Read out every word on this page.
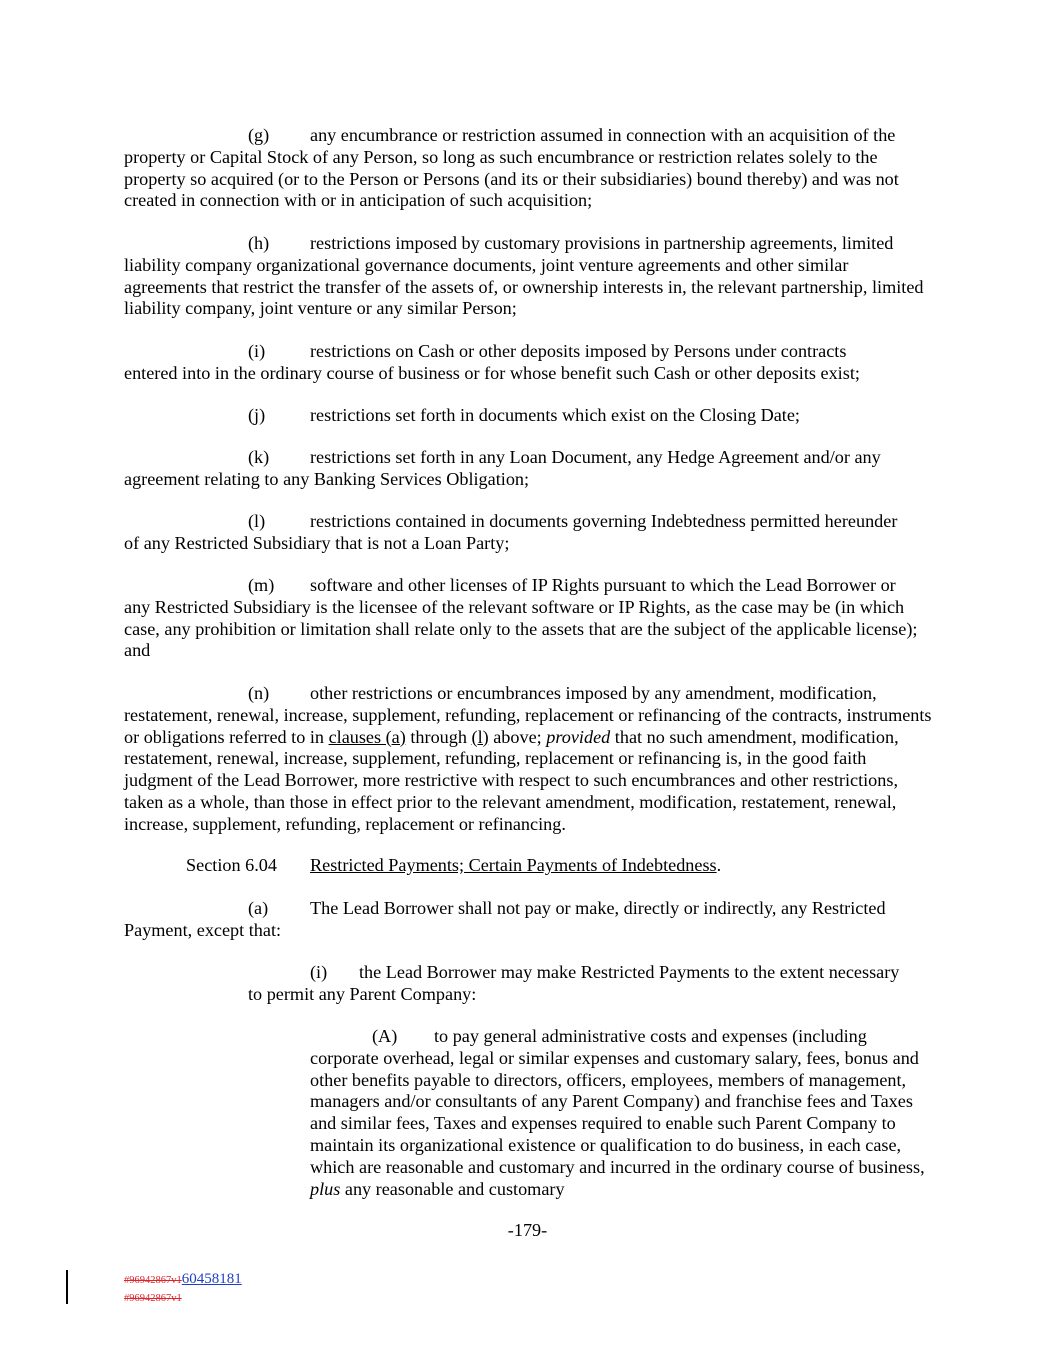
(g) any encumbrance or restriction assumed in connection with an acquisition of the
property or Capital Stock of any Person, so long as such encumbrance or restriction relates solely to the property so acquired (or to the Person or Persons (and its or their subsidiaries) bound thereby) and was not created in connection with or in anticipation of such acquisition;

(h) restrictions imposed by customary provisions in partnership agreements, limited
liability company organizational governance documents, joint venture agreements and other similar agreements that restrict the transfer of the assets of, or ownership interests in, the relevant partnership, limited liability company, joint venture or any similar Person;

(i) restrictions on Cash or other deposits imposed by Persons under contracts
entered into in the ordinary course of business or for whose benefit such Cash or other deposits exist;

(j) restrictions set forth in documents which exist on the Closing Date;

(k) restrictions set forth in any Loan Document, any Hedge Agreement and/or any
agreement relating to any Banking Services Obligation;

(l) restrictions contained in documents governing Indebtedness permitted hereunder
of any Restricted Subsidiary that is not a Loan Party;

(m) software and other licenses of IP Rights pursuant to which the Lead Borrower or
any Restricted Subsidiary is the licensee of the relevant software or IP Rights, as the case may be (in which case, any prohibition or limitation shall relate only to the assets that are the subject of the applicable license); and

(n) other restrictions or encumbrances imposed by any amendment, modification,
restatement, renewal, increase, supplement, refunding, replacement or refinancing of the contracts, instruments or obligations referred to in clauses (a) through (l) above; provided that no such amendment, modification, restatement, renewal, increase, supplement, refunding, replacement or refinancing is, in the good faith judgment of the Lead Borrower, more restrictive with respect to such encumbrances and other restrictions, taken as a whole, than those in effect prior to the relevant amendment, modification, restatement, renewal, increase, supplement, refunding, replacement or refinancing.

Section 6.04 Restricted Payments; Certain Payments of Indebtedness.

(a) The Lead Borrower shall not pay or make, directly or indirectly, any Restricted
Payment, except that:

(i) the Lead Borrower may make Restricted Payments to the extent necessary
to permit any Parent Company:

(A) to pay general administrative costs and expenses (including
corporate overhead, legal or similar expenses and customary salary, fees, bonus and other benefits payable to directors, officers, employees, members of management, managers and/or consultants of any Parent Company) and franchise fees and Taxes and similar fees, Taxes and expenses required to enable such Parent Company to maintain its organizational existence or qualification to do business, in each case, which are reasonable and customary and incurred in the ordinary course of business, plus any reasonable and customary

-179-
#96942867v160458181
#96942867v1
